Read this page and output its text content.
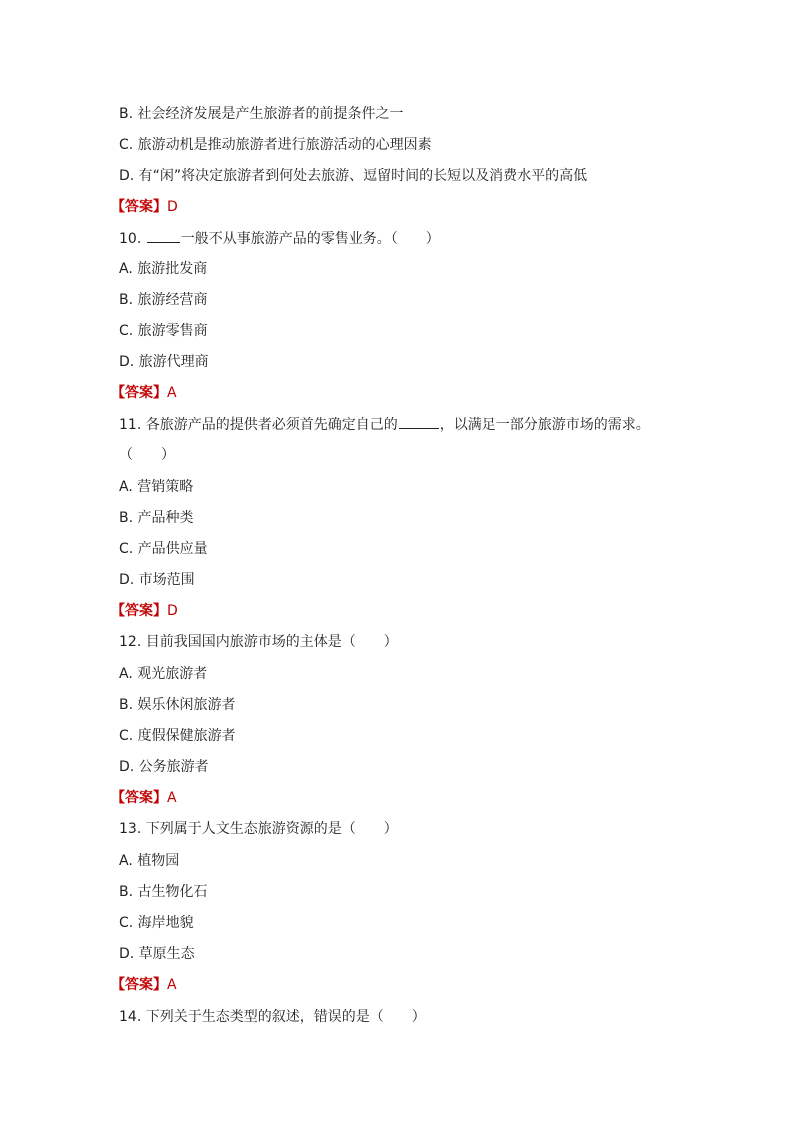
B. 社会经济发展是产生旅游者的前提条件之一
C. 旅游动机是推动旅游者进行旅游活动的心理因素
D. 有“闲”将决定旅游者到何处去旅游、逗留时间的长短以及消费水平的高低
【答案】D
10.	一般不从事旅游产品的零售业务。（　　）
A. 旅游批发商
B. 旅游经营商
C. 旅游零售商
D. 旅游代理商
【答案】A
11. 各旅游产品的提供者必须首先确定自己的	，以满足一部分旅游市场的需求。
（　　）
A. 营销策略
B. 产品种类
C. 产品供应量
D. 市场范围
【答案】D
12. 目前我国国内旅游市场的主体是（　　）
A. 观光旅游者
B. 娱乐休闲旅游者
C. 度假保健旅游者
D. 公务旅游者
【答案】A
13. 下列属于人文生态旅游资源的是（　　）
A. 植物园
B. 古生物化石
C. 海岸地貌
D. 草原生态
【答案】A
14. 下列关于生态类型的叙述，错误的是（　　）
